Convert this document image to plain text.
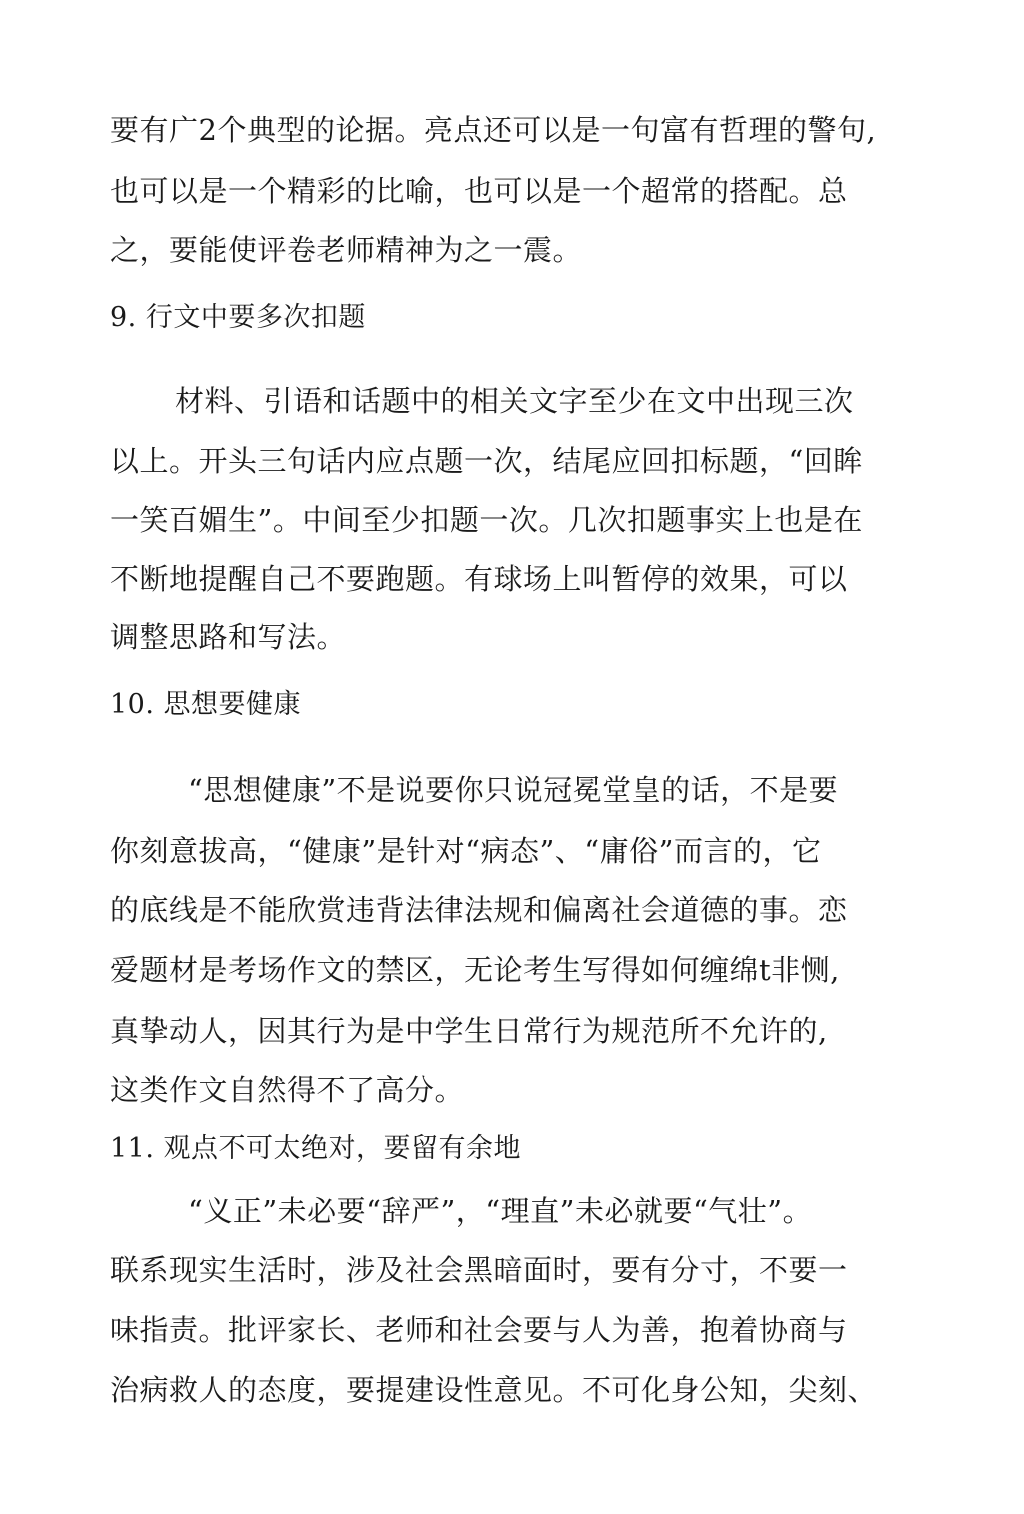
要有广2个典型的论据。亮点还可以是一句富有哲理的警句,
也可以是一个精彩的比喻，也可以是一个超常的搭配。总
之，要能使评卷老师精神为之一震。
9. 行文中要多次扣题
材料、引语和话题中的相关文字至少在文中出现三次
以上。开头三句话内应点题一次，结尾应回扣标题，“回眸
一笑百媚生”。中间至少扣题一次。几次扣题事实上也是在
不断地提醒自己不要跑题。有球场上叫暂停的效果，可以
调整思路和写法。
10. 思想要健康
“思想健康”不是说要你只说冠冕堂皇的话，不是要
你刻意拔高，“健康”是针对“病态”、“庸俗”而言的，它
的底线是不能欣赏违背法律法规和偏离社会道德的事。恋
爱题材是考场作文的禁区，无论考生写得如何缠绵t非恻,
真挚动人，因其行为是中学生日常行为规范所不允许的,
这类作文自然得不了高分。
11. 观点不可太绝对，要留有余地
“义正”未必要“辞严”，“理直”未必就要“气壮”。
联系现实生活时，涉及社会黑暗面时，要有分寸，不要一
味指责。批评家长、老师和社会要与人为善，抱着协商与
治病救人的态度，要提建设性意见。不可化身公知，尖刻、
